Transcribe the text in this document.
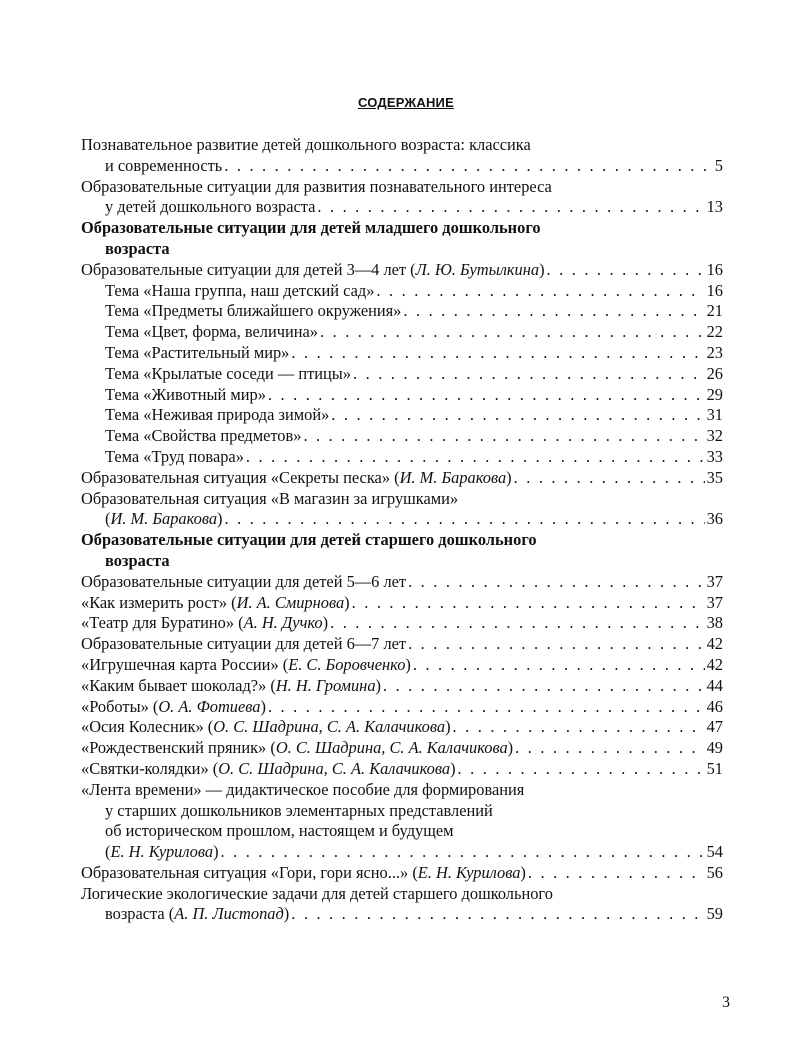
СОДЕРЖАНИЕ
Познавательное развитие детей дошкольного возраста: классика
и современность . . .	5
Образовательные ситуации для развития познавательного интереса
у детей дошкольного возраста . . .	13
Образовательные ситуации для детей младшего дошкольного
возраста
Образовательные ситуации для детей 3—4 лет ( Л. Ю. Бутылкина ) . . .	16
Тема «Наша группа, наш детский сад» . . .	16
Тема «Предметы ближайшего окружения» . . .	21
Тема «Цвет, форма, величина» . . .	22
Тема «Растительный мир» . . .	23
Тема «Крылатые соседи — птицы» . . .	26
Тема «Животный мир» . . .	29
Тема «Неживая природа зимой» . . .	31
Тема «Свойства предметов» . . .	32
Тема «Труд повара» . . .	33
Образовательная ситуация «Секреты песка» ( И. М. Баракова ) . . .	35
Образовательная ситуация «В магазин за игрушками»
( И. М. Баракова ) . . .	36
Образовательные ситуации для детей старшего дошкольного
возраста
Образовательные ситуации для детей 5—6 лет . . .	37
«Как измерить рост» ( И. А. Смирнова ) . . .	37
«Театр для Буратино» ( А. Н. Дучко ) . . .	38
Образовательные ситуации для детей 6—7 лет . . .	42
«Игрушечная карта России» ( Е. С. Боровченко ) . . .	42
«Каким бывает шоколад?» ( Н. Н. Громина ) . . .	44
«Роботы» ( О. А. Фотиева ) . . .	46
«Осия Колесник» ( О. С. Шадрина, С. А. Калачикова ) . . .	47
«Рождественский пряник» ( О. С. Шадрина, С. А. Калачикова ) . . .	49
«Святки-колядки» ( О. С. Шадрина, С. А. Калачикова ) . . .	51
«Лента времени» — дидактическое пособие для формирования
у старших дошкольников элементарных представлений
об историческом прошлом, настоящем и будущем
( Е. Н. Курилова ) . . .	54
Образовательная ситуация «Гори, гори ясно...» ( Е. Н. Курилова ) . . .	56
Логические экологические задачи для детей старшего дошкольного
возраста ( А. П. Листопад ) . . .	59
3
